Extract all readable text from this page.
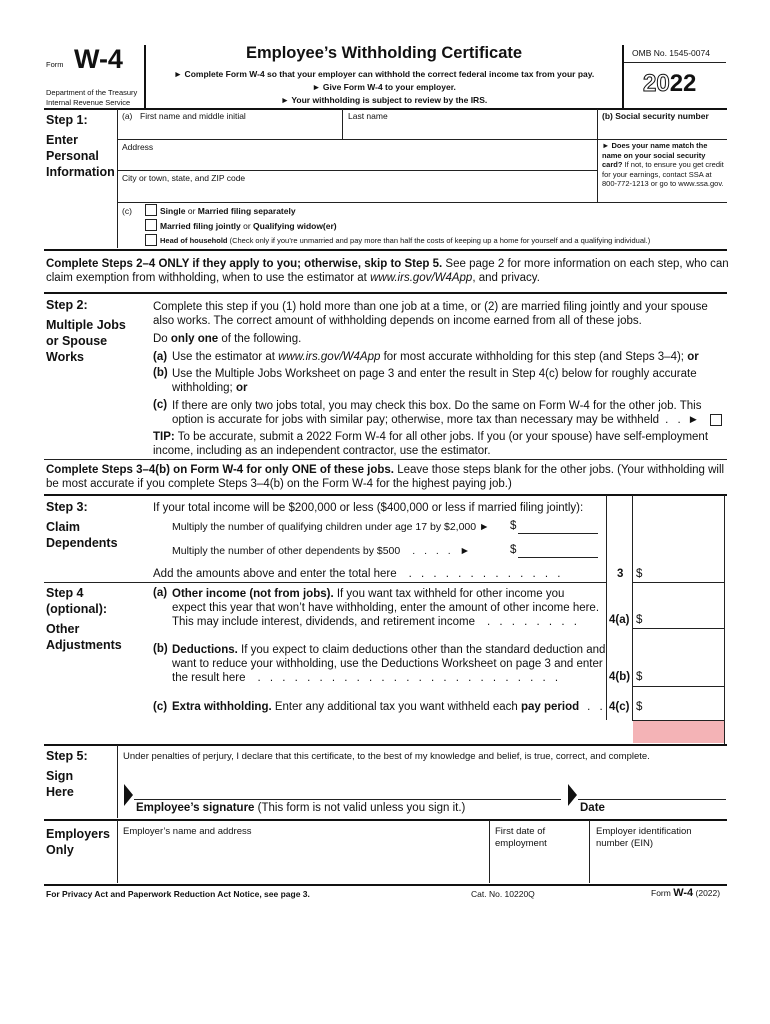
Form W-4
Department of the Treasury
Internal Revenue Service
Employee’s Withholding Certificate
► Complete Form W-4 so that your employer can withhold the correct federal income tax from your pay.
► Give Form W-4 to your employer.
► Your withholding is subject to review by the IRS.
OMB No. 1545-0074
2022
Step 1:
Enter
Personal
Information
(a) First name and middle initial	Last name	(b) Social security number
Address	► Does your name match the name on your social security card? If not, to ensure you get credit for your earnings, contact SSA at 800-772-1213 or go to www.ssa.gov.
City or town, state, and ZIP code
(c)	Single or Married filing separately
Married filing jointly or Qualifying widow(er)
Head of household (Check only if you’re unmarried and pay more than half the costs of keeping up a home for yourself and a qualifying individual.)
Complete Steps 2–4 ONLY if they apply to you; otherwise, skip to Step 5. See page 2 for more information on each step, who can
claim exemption from withholding, when to use the estimator at www.irs.gov/W4App, and privacy.
Step 2:
Multiple Jobs
or Spouse
Works
Complete this step if you (1) hold more than one job at a time, or (2) are married filing jointly and your spouse
also works. The correct amount of withholding depends on income earned from all of these jobs.
Do only one of the following.
(a) Use the estimator at www.irs.gov/W4App for most accurate withholding for this step (and Steps 3–4); or
(b) Use the Multiple Jobs Worksheet on page 3 and enter the result in Step 4(c) below for roughly accurate
withholding; or
(c) If there are only two jobs total, you may check this box. Do the same on Form W-4 for the other job. This
option is accurate for jobs with similar pay; otherwise, more tax than necessary may be withheld . . ►
TIP: To be accurate, submit a 2022 Form W-4 for all other jobs. If you (or your spouse) have self-employment
income, including as an independent contractor, use the estimator.
Complete Steps 3–4(b) on Form W-4 for only ONE of these jobs. Leave those steps blank for the other jobs. (Your withholding will
be most accurate if you complete Steps 3–4(b) on the Form W-4 for the highest paying job.)
Step 3:
Claim
Dependents
If your total income will be $200,000 or less ($400,000 or less if married filing jointly):
Multiply the number of qualifying children under age 17 by $2,000 ► $
Multiply the number of other dependents by $500 . . . . ►	$
Add the amounts above and enter the total here . . . . . . . . . . . . .	3 $
Step 4
(optional):
Other
Adjustments
(a) Other income (not from jobs). If you want tax withheld for other income you
expect this year that won’t have withholding, enter the amount of other income here.
This may include interest, dividends, and retirement income . . . . . . . .	4(a) $
(b) Deductions. If you expect to claim deductions other than the standard deduction and
want to reduce your withholding, use the Deductions Worksheet on page 3 and enter
the result here . . . . . . . . . . . . . . . . . . . . . . . . .	4(b) $
(c) Extra withholding. Enter any additional tax you want withheld each pay period . . 4(c) $
Step 5:
Sign
Here
Under penalties of perjury, I declare that this certificate, to the best of my knowledge and belief, is true, correct, and complete.
Employee’s signature (This form is not valid unless you sign it.)	Date
Employers
Only
Employer’s name and address	First date of
employment
Employer identification
number (EIN)
For Privacy Act and Paperwork Reduction Act Notice, see page 3.	Cat. No. 10220Q	Form W-4 (2022)
